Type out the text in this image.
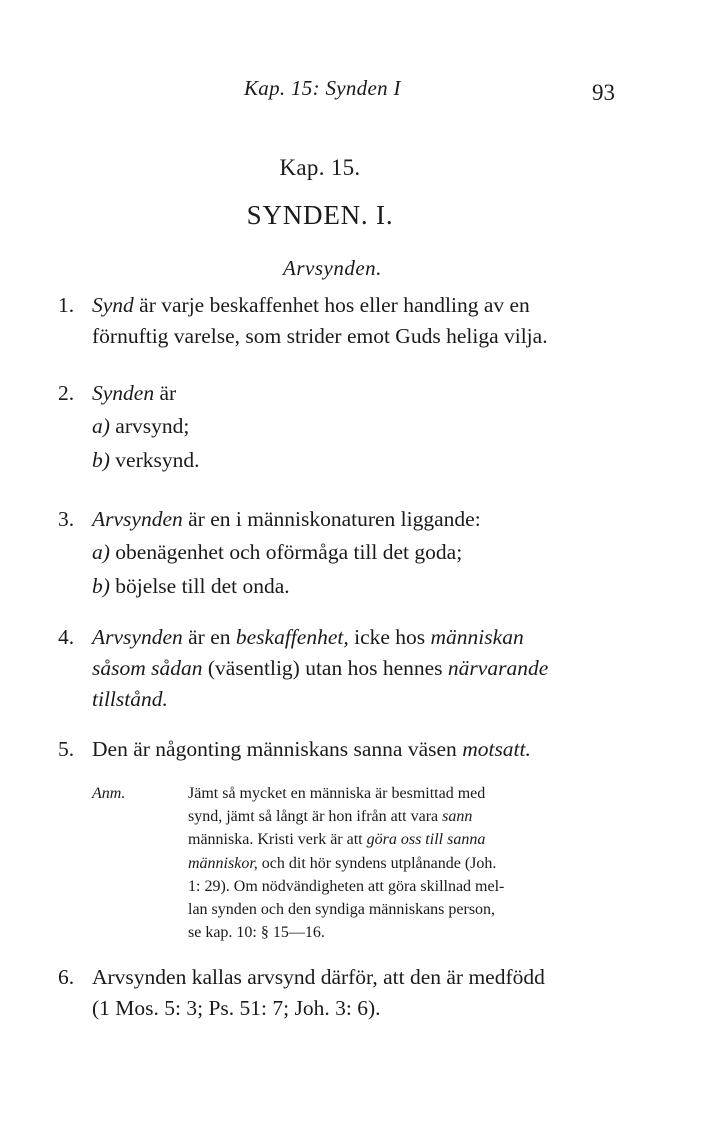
Kap. 15: Synden I	93
Kap. 15.
SYNDEN. I.
Arvsynden.
1. Synd är varje beskaffenhet hos eller handling av en
förnuftig varelse, som strider emot Guds heliga vilja.
2. Synden är
a) arvsynd;
b) verksynd.
3. Arvsynden är en i människonaturen liggande:
a) obenägenhet och oförmåga till det goda;
b) böjelse till det onda.
4. Arvsynden är en beskaffenhet, icke hos människan
såsom sådan (väsentlig) utan hos hennes närvarande
tillstånd.
5. Den är någonting människans sanna väsen motsatt.
Anm.	Jämt så mycket en människa är besmittad med
synd, jämt så långt är hon ifrån att vara sann
människa. Kristi verk är att göra oss till sanna
människor, och dit hör syndens utplånande (Joh.
1: 29). Om nödvändigheten att göra skillnad mel-
lan synden och den syndiga människans person,
se kap. 10: § 15—16.
6. Arvsynden kallas arvsynd därför, att den är medfödd
(1 Mos. 5: 3; Ps. 51: 7; Joh. 3: 6).
